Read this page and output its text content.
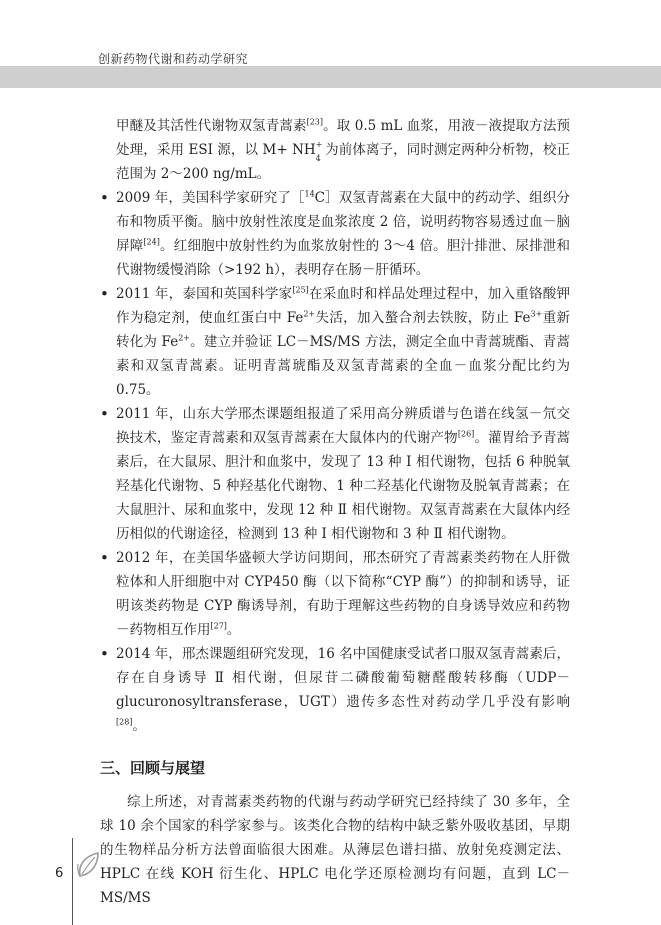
创新药物代谢和药动学研究

甲醚及其活性代谢物双氢青蒿素[23]。取 0.5 mL 血浆，用液－液提取方法预处理，采用 ESI 源，以 M+ NH +
4
为前体离子，同时测定两种分析物，校正范围为 2～200 ng/mL。

• 2009 年，美国科学家研究了［$^{14}$C］双氢青蒿素在大鼠中的药动学、组织分布和物质平衡。脑中放射性浓度是血浆浓度 2 倍，说明药物容易透过血－脑屏障[24]。红细胞中放射性约为血浆放射性的 3～4 倍。胆汁排泄、尿排泄和代谢物缓慢消除（>192 h），表明存在肠－肝循环。

• 2011 年，泰国和英国科学家[25]在采血时和样品处理过程中，加入重铬酸钾作为稳定剂，使血红蛋白中 $Fe^{2+}$失活，加入螯合剂去铁胺，防止 $Fe^{3+}$重新转化为 $Fe^{2+}$。建立并验证 LC－MS/MS 方法，测定全血中青蒿琥酯、青蒿素和双氢青蒿素。证明青蒿琥酯及双氢青蒿素的全血－血浆分配比约为 0.75。

• 2011 年，山东大学邢杰课题组报道了采用高分辨质谱与色谱在线氢－氘交换技术，鉴定青蒿素和双氢青蒿素在大鼠体内的代谢产物[26]。灌胃给予青蒿素后，在大鼠尿、胆汁和血浆中，发现了 13 种 Ⅰ 相代谢物，包括 6 种脱氧羟基化代谢物、5 种羟基化代谢物、1 种二羟基化代谢物及脱氧青蒿素；在大鼠胆汁、尿和血浆中，发现 12 种 Ⅱ 相代谢物。双氢青蒿素在大鼠体内经历相似的代谢途径，检测到 13 种 Ⅰ 相代谢物和 3 种 Ⅱ 相代谢物。

• 2012 年，在美国华盛顿大学访问期间，邢杰研究了青蒿素类药物在人肝微粒体和人肝细胞中对 CYP450 酶（以下简称“CYP 酶”）的抑制和诱导，证明该类药物是 CYP 酶诱导剂，有助于理解这些药物的自身诱导效应和药物－药物相互作用[27]。

• 2014 年，邢杰课题组研究发现，16 名中国健康受试者口服双氢青蒿素后，存在自身诱导 Ⅱ 相代谢，但尿苷二磷酸葡萄糖醛酸转移酶（UDP－glucuronosyltransferase，UGT）遗传多态性对药动学几乎没有影响[28]。

三、回顾与展望

综上所述，对青蒿素类药物的代谢与药动学研究已经持续了 30 多年，全球 10 余个国家的科学家参与。该类化合物的结构中缺乏紫外吸收基团，早期的生物样品分析方法曾面临很大困难。从薄层色谱扫描、放射免疫测定法、HPLC 在线 KOH 衍生化、HPLC 电化学还原检测均有问题，直到 LC－MS/MS

6
